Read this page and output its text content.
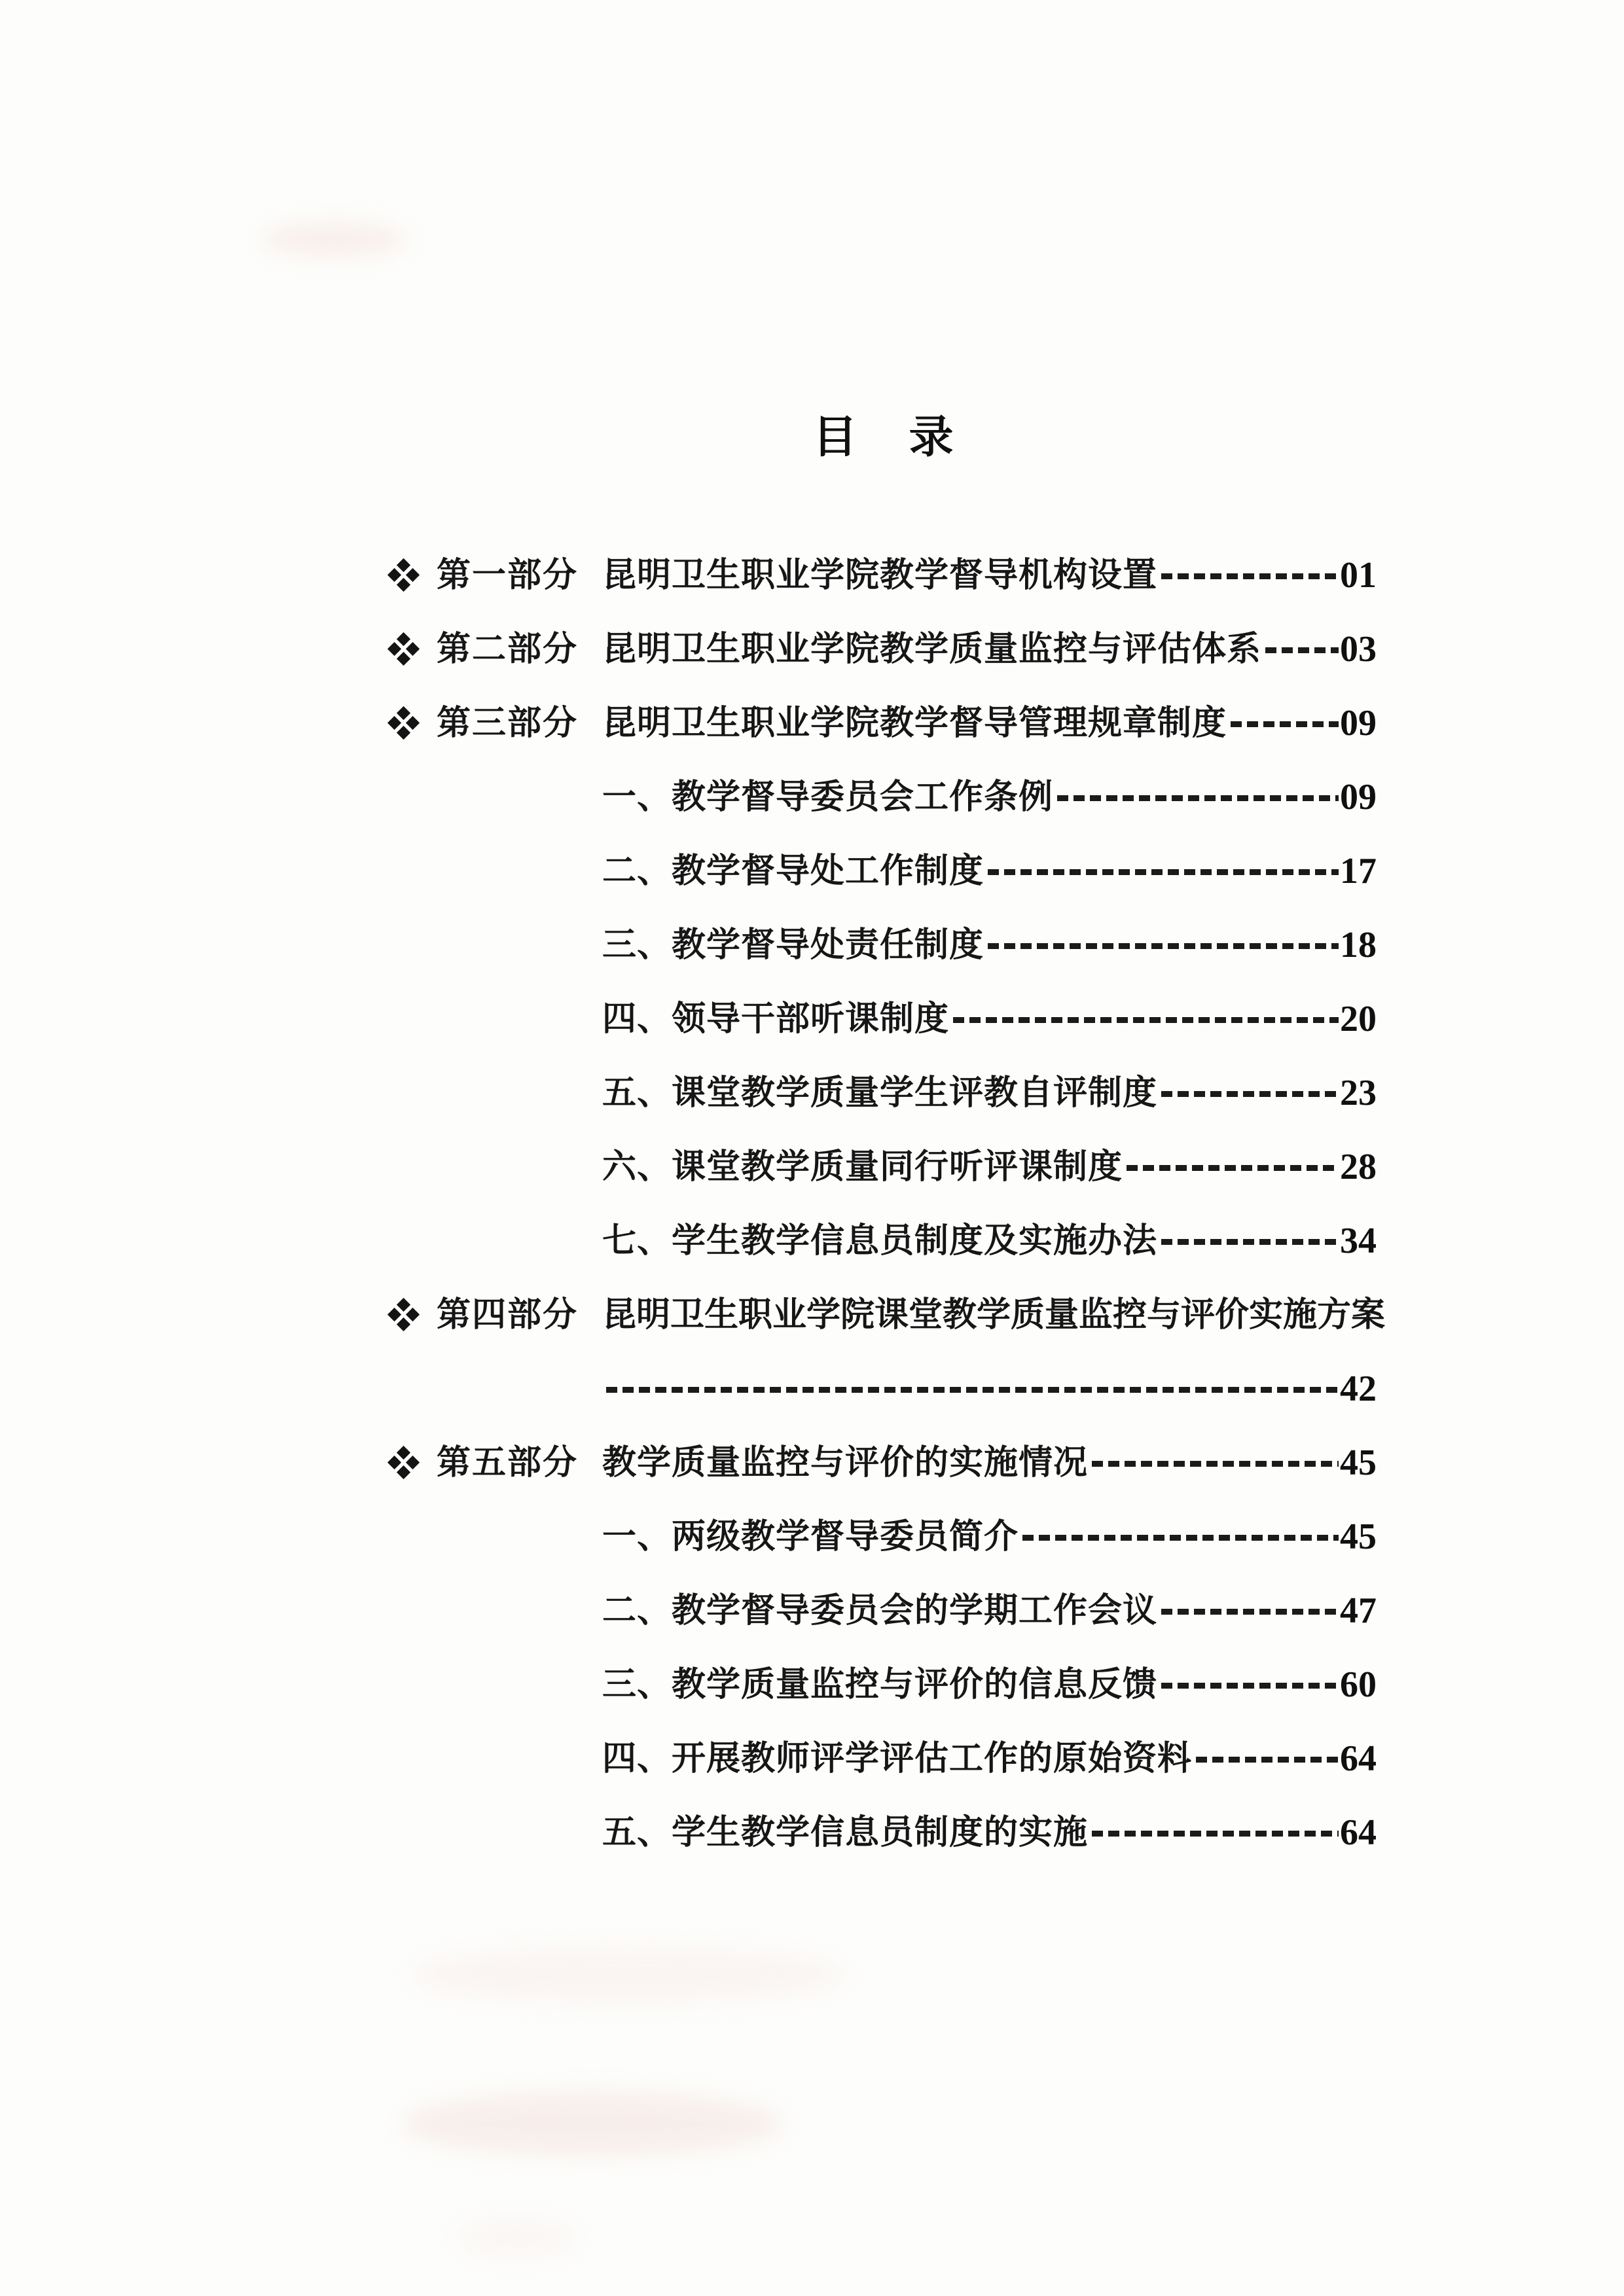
目 录
第一部分 昆明卫生职业学院教学督导机构设置	01
第二部分 昆明卫生职业学院教学质量监控与评估体系 03
第三部分 昆明卫生职业学院教学督导管理规章制度	09
一、教学督导委员会工作条例	09
二、教学督导处工作制度	17
三、教学督导处责任制度	18
四、领导干部听课制度	20
五、课堂教学质量学生评教自评制度	23
六、课堂教学质量同行听评课制度	28
七、学生教学信息员制度及实施办法	34
第四部分 昆明卫生职业学院课堂教学质量监控与评价实施方案
42
第五部分 教学质量监控与评价的实施情况	45
一、两级教学督导委员简介	45
二、教学督导委员会的学期工作会议	47
三、教学质量监控与评价的信息反馈	60
四、开展教师评学评估工作的原始资料	64
五、学生教学信息员制度的实施	64
